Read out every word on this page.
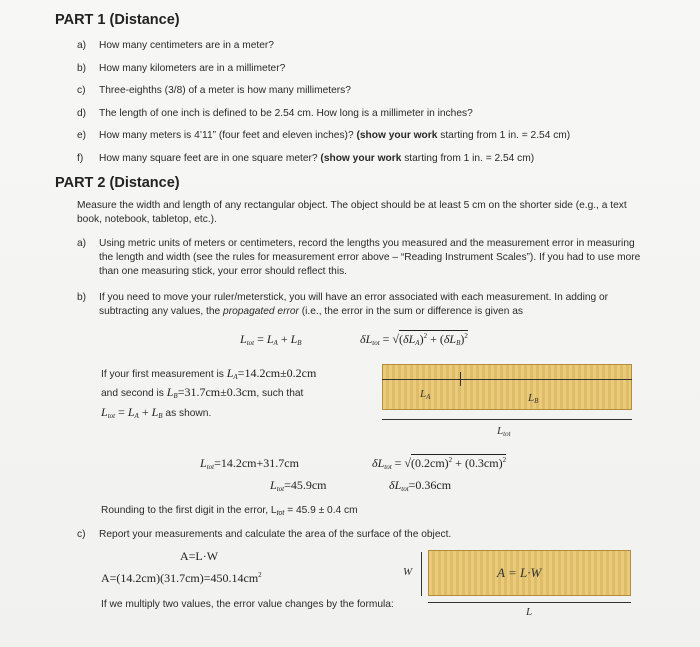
PART 1 (Distance)
a) How many centimeters are in a meter?
b) How many kilometers are in a millimeter?
c) Three-eighths (3/8) of a meter is how many millimeters?
d) The length of one inch is defined to be 2.54 cm. How long is a millimeter in inches?
e) How many meters is 4’11” (four feet and eleven inches)? (show your work starting from 1 in. = 2.54 cm)
f) How many square feet are in one square meter? (show your work starting from 1 in. = 2.54 cm)
PART 2 (Distance)
Measure the width and length of any rectangular object. The object should be at least 5 cm on the shorter side (e.g., a text book, notebook, tabletop, etc.).
a)	Using metric units of meters or centimeters, record the lengths you measured and the measurement error in measuring the length and width (see the rules for measurement error above – “Reading Instrument Scales”). If you had to use more than one measuring stick, your error should reflect this.
b)	If you need to move your ruler/meterstick, you will have an error associated with each measurement. In adding or subtracting any values, the propagated error (i.e., the error in the sum or difference is given as
$L_{tot} = L_A + L_B$	$\delta L_{tot} = √(\delta L_A)^2 + (\delta L_B)^2$
If your first measurement is $L_A=14.2cm\pm 0.2cm$
and second is $L_B=31.7cm\pm 0.3cm$, such that
$L_{tot} = L_A + L_B$ as shown.
$L_A$	$L_B$
$L_{tot}$
$L_{tot}=14.2cm+31.7cm$
$L_{tot}=45.9cm$
$\delta L_{tot} = √(0.2cm)^2 + (0.3cm)^2$
$\delta L_{tot}=0.36cm$
Rounding to the first digit in the error, $L_{tot} = 45.9 \pm 0.4$ cm
c)	Report your measurements and calculate the area of the surface of the object.
A=L·W
$A=(14.2cm)(31.7cm)=450.14cm^2$
If we multiply two values, the error value changes by the formula:
W	A = L·W
L
